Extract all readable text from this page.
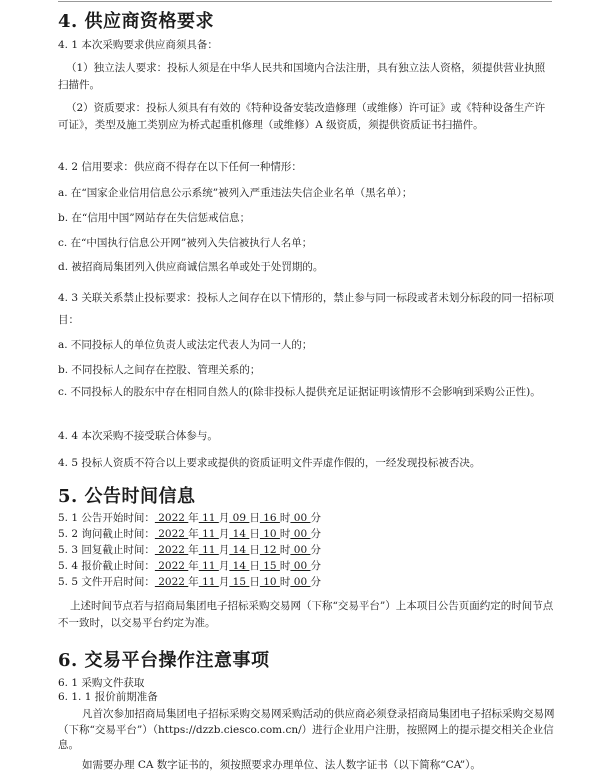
4. 供应商资格要求
4. 1 本次采购要求供应商须具备：
（1）独立法人要求：投标人须是在中华人民共和国境内合法注册，具有独立法人资格，须提供营业执照扫描件。
（2）资质要求：投标人须具有有效的《特种设备安装改造修理（或维修）许可证》或《特种设备生产许可证》，类型及施工类别应为桥式起重机修理（或维修）A 级资质，须提供资质证书扫描件。
4. 2 信用要求：供应商不得存在以下任何一种情形：
a. 在“国家企业信用信息公示系统”被列入严重违法失信企业名单（黑名单）；
b. 在“信用中国”网站存在失信惩戒信息；
c. 在“中国执行信息公开网”被列入失信被执行人名单；
d. 被招商局集团列入供应商诚信黑名单或处于处罚期的。
4. 3 关联关系禁止投标要求：投标人之间存在以下情形的，禁止参与同一标段或者未划分标段的同一招标项目：
a. 不同投标人的单位负责人或法定代表人为同一人的；
b. 不同投标人之间存在控股、管理关系的；
c. 不同投标人的股东中存在相同自然人的(除非投标人提供充足证据证明该情形不会影响到采购公正性)。
4. 4 本次采购不接受联合体参与。
4. 5 投标人资质不符合以上要求或提供的资质证明文件弄虚作假的，一经发现投标被否决。
5. 公告时间信息
5. 1 公告开始时间： 2022 年 11 月 09 日 16 时 00 分
5. 2 询问截止时间： 2022 年 11 月 14 日 10 时 00 分
5. 3 回复截止时间： 2022 年 11 月 14 日 12 时 00 分
5. 4 报价截止时间： 2022 年 11 月 14 日 15 时 00 分
5. 5 文件开启时间： 2022 年 11 月 15 日 10 时 00 分
上述时间节点若与招商局集团电子招标采购交易网（下称“交易平台”）上本项目公告页面约定的时间节点不一致时，以交易平台约定为准。
6. 交易平台操作注意事项
6. 1 采购文件获取
6. 1. 1 报价前期准备
凡首次参加招商局集团电子招标采购交易网采购活动的供应商必须登录招商局集团电子招标采购交易网（下称“交易平台”）（https://dzzb.ciesco.com.cn/）进行企业用户注册，按照网上的提示提交相关企业信息。
如需要办理 CA 数字证书的，须按照要求办理单位、法人数字证书（以下简称“CA”）。
